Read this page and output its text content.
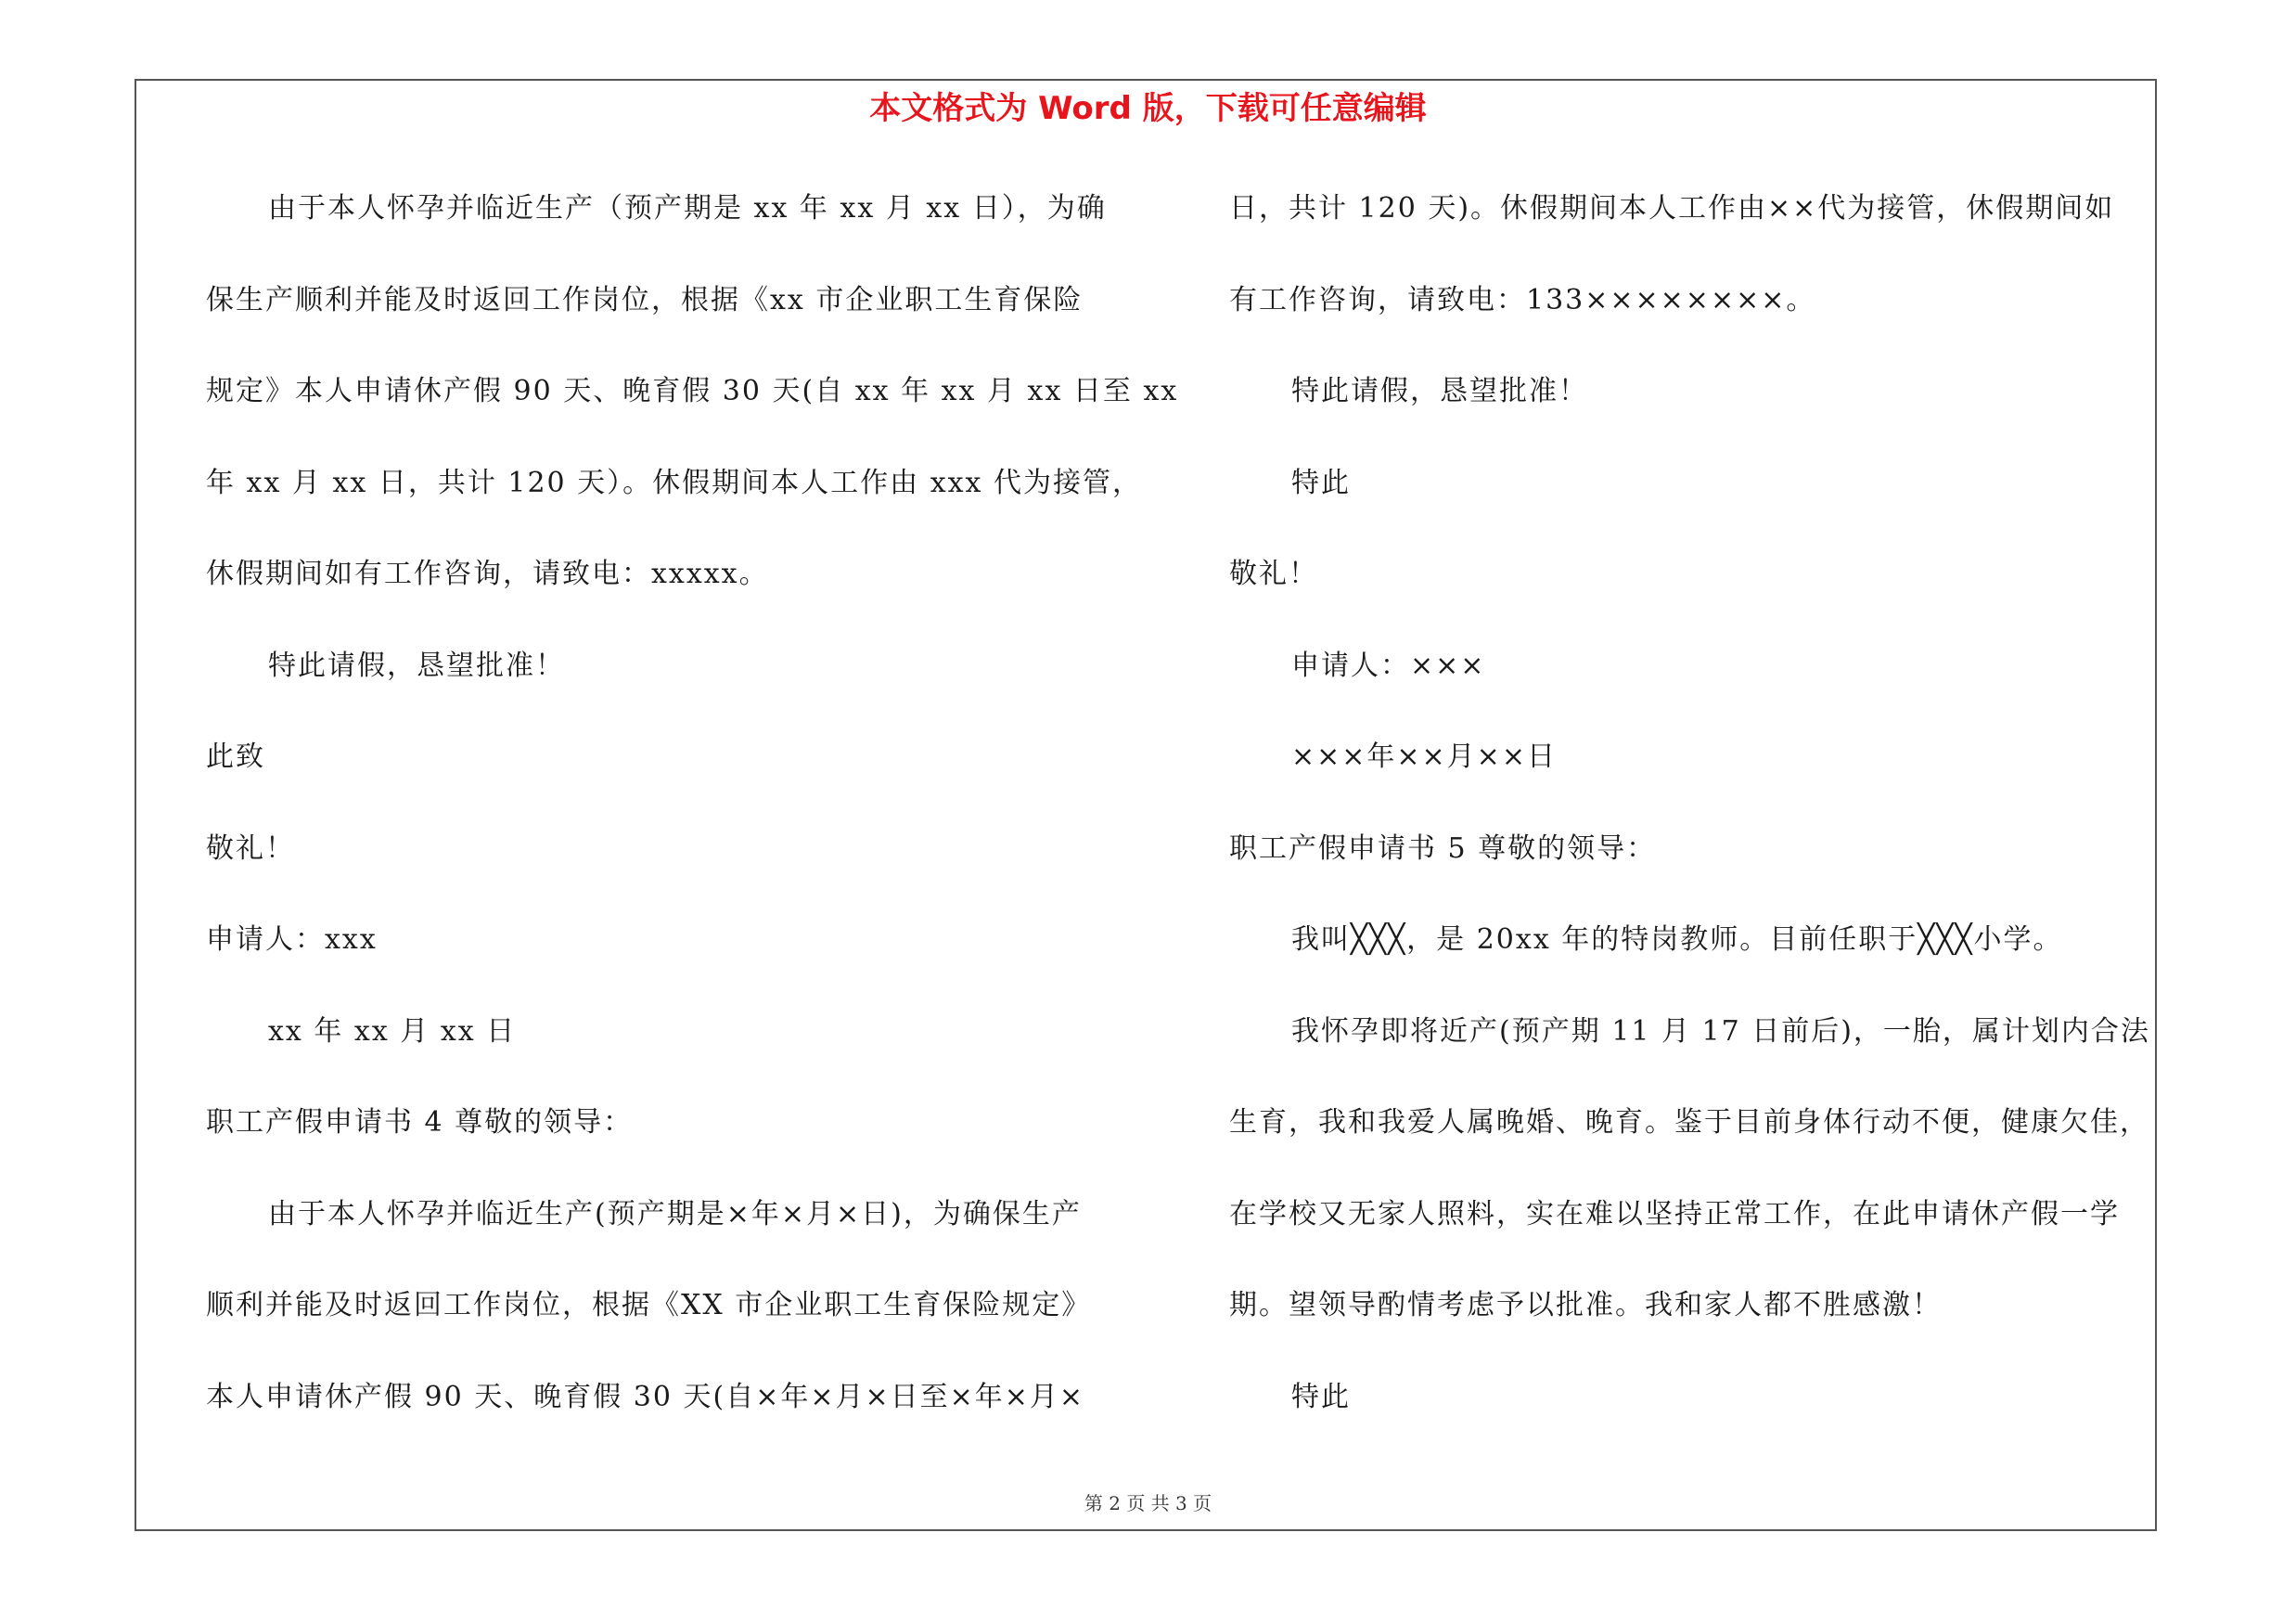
本文格式为 Word 版，下载可任意编辑
由于本人怀孕并临近生产（预产期是 xx 年 xx 月 xx 日），为确
保生产顺利并能及时返回工作岗位，根据《xx 市企业职工生育保险
规定》本人申请休产假 90 天、晚育假 30 天(自 xx 年 xx 月 xx 日至 xx
年 xx 月 xx 日，共计 120 天）。休假期间本人工作由 xxx 代为接管，
休假期间如有工作咨询，请致电：xxxxx。
特此请假，恳望批准！
此致
敬礼！
申请人：xxx
xx 年 xx 月 xx 日
职工产假申请书 4 尊敬的领导：
由于本人怀孕并临近生产(预产期是×年×月×日)，为确保生产
顺利并能及时返回工作岗位，根据《XX 市企业职工生育保险规定》
本人申请休产假 90 天、晚育假 30 天(自×年×月×日至×年×月×
日，共计 120 天)。休假期间本人工作由××代为接管，休假期间如
有工作咨询，请致电：133××××××××。
特此请假，恳望批准！
特此
敬礼！
申请人：×××
×××年××月××日
职工产假申请书 5 尊敬的领导：
我叫╳╳╳，是 20xx 年的特岗教师。目前任职于╳╳╳小学。
我怀孕即将近产(预产期 11 月 17 日前后)，一胎，属计划内合法
生育，我和我爱人属晚婚、晚育。鉴于目前身体行动不便，健康欠佳，
在学校又无家人照料，实在难以坚持正常工作，在此申请休产假一学
期。望领导酌情考虑予以批准。我和家人都不胜感激！
特此
第 2 页 共 3 页
